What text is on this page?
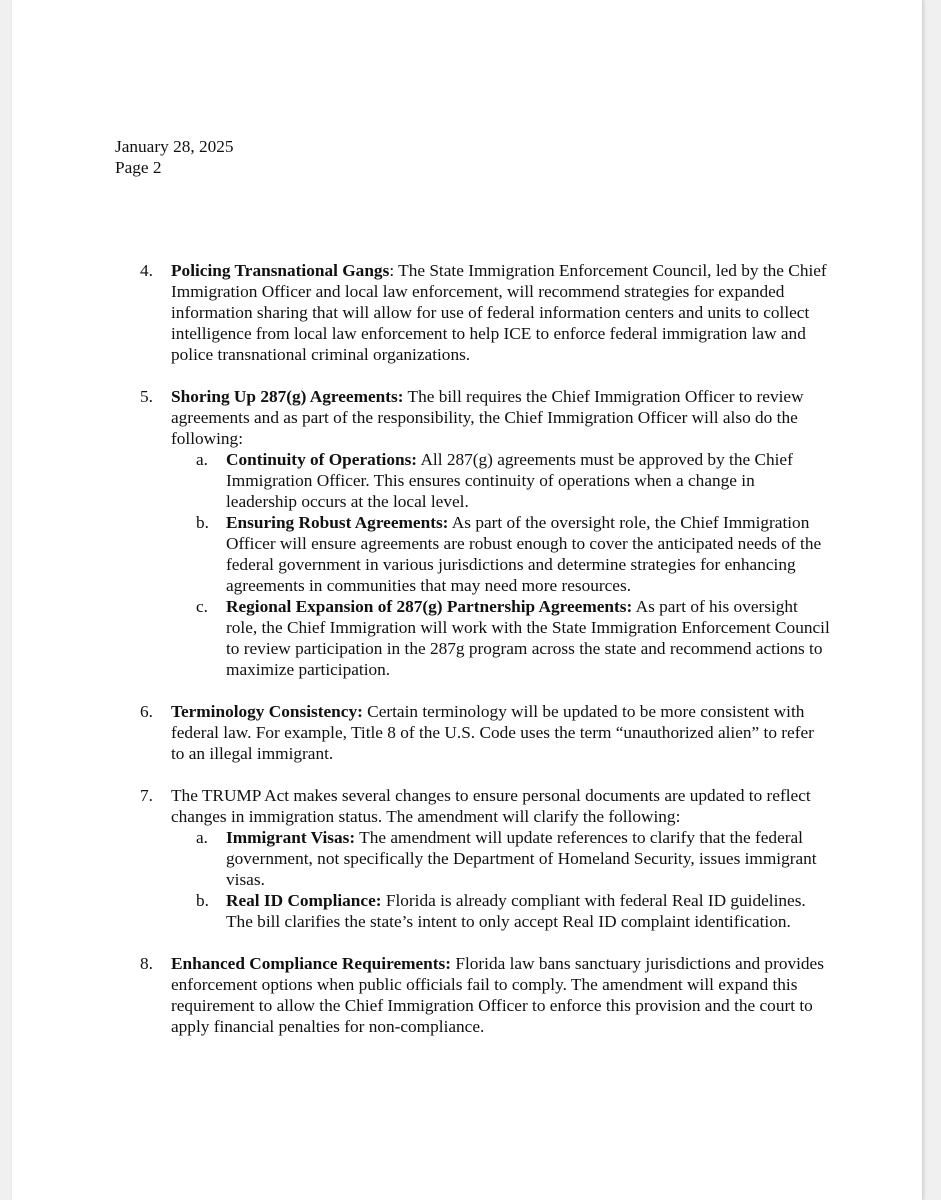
January 28, 2025
Page 2
4. Policing Transnational Gangs: The State Immigration Enforcement Council, led by the Chief Immigration Officer and local law enforcement, will recommend strategies for expanded information sharing that will allow for use of federal information centers and units to collect intelligence from local law enforcement to help ICE to enforce federal immigration law and police transnational criminal organizations.
5. Shoring Up 287(g) Agreements: The bill requires the Chief Immigration Officer to review agreements and as part of the responsibility, the Chief Immigration Officer will also do the following:
a. Continuity of Operations: All 287(g) agreements must be approved by the Chief Immigration Officer. This ensures continuity of operations when a change in leadership occurs at the local level.
b. Ensuring Robust Agreements: As part of the oversight role, the Chief Immigration Officer will ensure agreements are robust enough to cover the anticipated needs of the federal government in various jurisdictions and determine strategies for enhancing agreements in communities that may need more resources.
c. Regional Expansion of 287(g) Partnership Agreements: As part of his oversight role, the Chief Immigration will work with the State Immigration Enforcement Council to review participation in the 287g program across the state and recommend actions to maximize participation.
6. Terminology Consistency: Certain terminology will be updated to be more consistent with federal law. For example, Title 8 of the U.S. Code uses the term “unauthorized alien” to refer to an illegal immigrant.
7. The TRUMP Act makes several changes to ensure personal documents are updated to reflect changes in immigration status. The amendment will clarify the following:
a. Immigrant Visas: The amendment will update references to clarify that the federal government, not specifically the Department of Homeland Security, issues immigrant visas.
b. Real ID Compliance: Florida is already compliant with federal Real ID guidelines. The bill clarifies the state’s intent to only accept Real ID complaint identification.
8. Enhanced Compliance Requirements: Florida law bans sanctuary jurisdictions and provides enforcement options when public officials fail to comply. The amendment will expand this requirement to allow the Chief Immigration Officer to enforce this provision and the court to apply financial penalties for non-compliance.
